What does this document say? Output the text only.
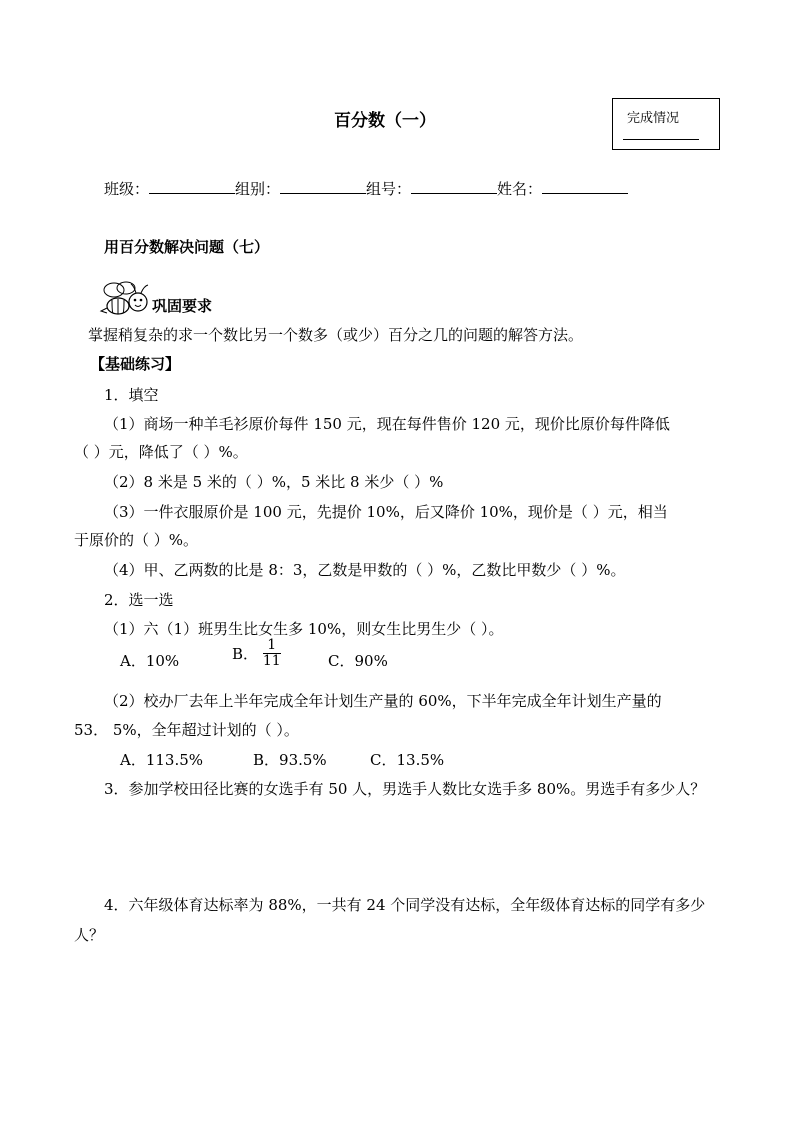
百分数（一）	完成情况
班级：	组别：	组号：	姓名：
用百分数解决问题（七）
巩固要求
掌握稍复杂的求一个数比另一个数多（或少）百分之几的问题的解答方法。
【基础练习】
1．填空
（1）商场一种羊毛衫原价每件 150 元，现在每件售价 120 元，现价比原价每件降低
（ ）元，降低了（ ）%。
（2）8 米是 5 米的（ ）%，5 米比 8 米少（ ）%
（3）一件衣服原价是 100 元，先提价 10%，后又降价 10%，现价是（ ）元，相当
于原价的（ ）%。
（4）甲、乙两数的比是 8：3，乙数是甲数的（ ）%，乙数比甲数少（ ）%。
2．选一选
（1）六（1）班男生比女生多 10%，则女生比男生少（ ）。
A．10%	B． $\frac{1}{11}$	C．90%
（2）校办厂去年上半年完成全年计划生产量的 60%，下半年完成全年计划生产量的
53． 5%，全年超过计划的（ ）。
A．113.5%	B．93.5%	C．13.5%
3．参加学校田径比赛的女选手有 50 人，男选手人数比女选手多 80%。男选手有多少人？
4．六年级体育达标率为 88%，一共有 24 个同学没有达标，全年级体育达标的同学有多少
人？
